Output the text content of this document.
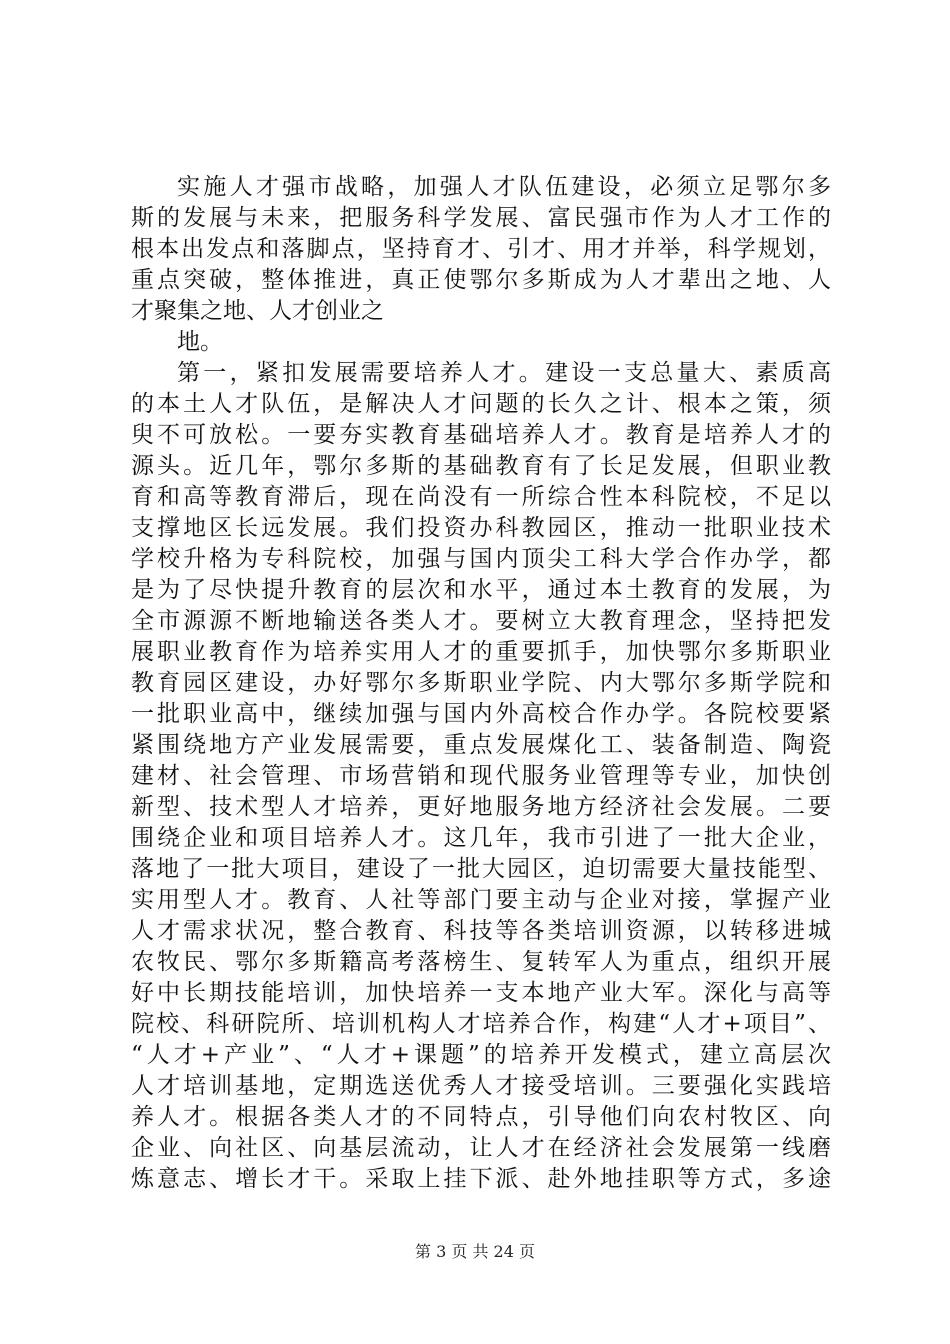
实施人才强市战略，加强人才队伍建设，必须立足鄂尔多
斯的发展与未来，把服务科学发展、富民强市作为人才工作的
根本出发点和落脚点，坚持育才、引才、用才并举，科学规划，
重点突破，整体推进，真正使鄂尔多斯成为人才辈出之地、人
才聚集之地、人才创业之
地。
第一，紧扣发展需要培养人才。建设一支总量大、素质高
的本土人才队伍，是解决人才问题的长久之计、根本之策，须
臾不可放松。一要夯实教育基础培养人才。教育是培养人才的
源头。近几年，鄂尔多斯的基础教育有了长足发展，但职业教
育和高等教育滞后，现在尚没有一所综合性本科院校，不足以
支撑地区长远发展。我们投资办科教园区，推动一批职业技术
学校升格为专科院校，加强与国内顶尖工科大学合作办学，都
是为了尽快提升教育的层次和水平，通过本土教育的发展，为
全市源源不断地输送各类人才。要树立大教育理念，坚持把发
展职业教育作为培养实用人才的重要抓手，加快鄂尔多斯职业
教育园区建设，办好鄂尔多斯职业学院、内大鄂尔多斯学院和
一批职业高中，继续加强与国内外高校合作办学。各院校要紧
紧围绕地方产业发展需要，重点发展煤化工、装备制造、陶瓷
建材、社会管理、市场营销和现代服务业管理等专业，加快创
新型、技术型人才培养，更好地服务地方经济社会发展。二要
围绕企业和项目培养人才。这几年，我市引进了一批大企业，
落地了一批大项目，建设了一批大园区，迫切需要大量技能型、
实用型人才。教育、人社等部门要主动与企业对接，掌握产业
人才需求状况，整合教育、科技等各类培训资源，以转移进城
农牧民、鄂尔多斯籍高考落榜生、复转军人为重点，组织开展
好中长期技能培训，加快培养一支本地产业大军。深化与高等
院校、科研院所、培训机构人才培养合作，构建“人才+项目”、
“人才+产业”、“人才+课题”的培养开发模式，建立高层次
人才培训基地，定期选送优秀人才接受培训。三要强化实践培
养人才。根据各类人才的不同特点，引导他们向农村牧区、向
企业、向社区、向基层流动，让人才在经济社会发展第一线磨
炼意志、增长才干。采取上挂下派、赴外地挂职等方式，多途
第 3 页 共 24 页
